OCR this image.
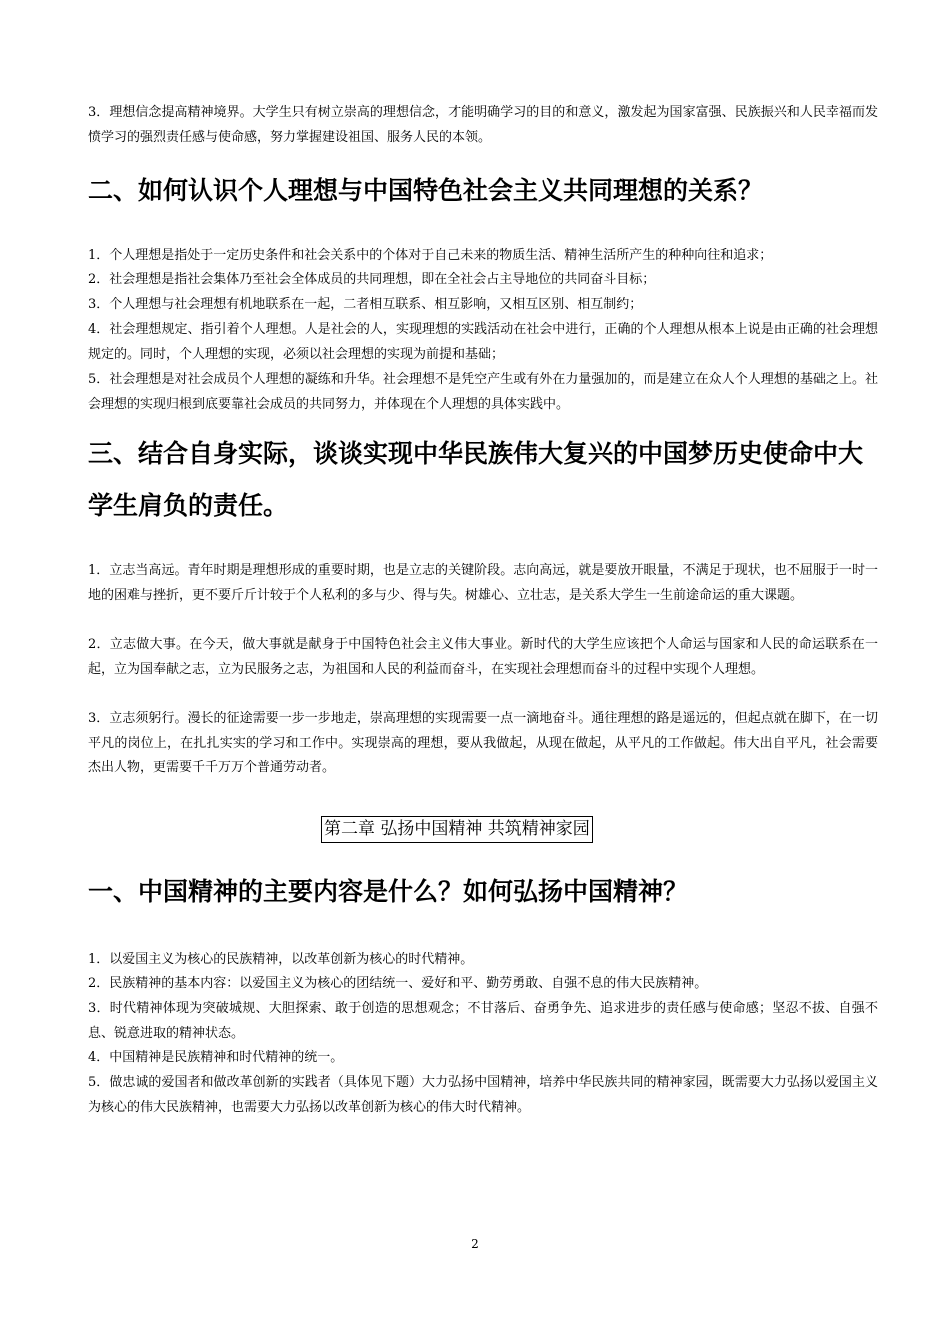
3．理想信念提高精神境界。大学生只有树立崇高的理想信念，才能明确学习的目的和意义，激发起为国家富强、民族振兴和人民幸福而发愤学习的强烈责任感与使命感，努力掌握建设祖国、服务人民的本领。

二、如何认识个人理想与中国特色社会主义共同理想的关系？

1．个人理想是指处于一定历史条件和社会关系中的个体对于自己未来的物质生活、精神生活所产生的种种向往和追求；

2．社会理想是指社会集体乃至社会全体成员的共同理想，即在全社会占主导地位的共同奋斗目标；

3．个人理想与社会理想有机地联系在一起，二者相互联系、相互影响，又相互区别、相互制约；

4．社会理想规定、指引着个人理想。人是社会的人，实现理想的实践活动在社会中进行，正确的个人理想从根本上说是由正确的社会理想规定的。同时，个人理想的实现，必须以社会理想的实现为前提和基础；

5．社会理想是对社会成员个人理想的凝练和升华。社会理想不是凭空产生或有外在力量强加的，而是建立在众人个人理想的基础之上。社会理想的实现归根到底要靠社会成员的共同努力，并体现在个人理想的具体实践中。

三、结合自身实际，谈谈实现中华民族伟大复兴的中国梦历史使命中大学生肩负的责任。

1．立志当高远。青年时期是理想形成的重要时期，也是立志的关键阶段。志向高远，就是要放开眼量，不满足于现状，也不屈服于一时一地的困难与挫折，更不要斤斤计较于个人私利的多与少、得与失。树雄心、立壮志，是关系大学生一生前途命运的重大课题。

2．立志做大事。在今天，做大事就是献身于中国特色社会主义伟大事业。新时代的大学生应该把个人命运与国家和人民的命运联系在一起，立为国奉献之志，立为民服务之志，为祖国和人民的利益而奋斗，在实现社会理想而奋斗的过程中实现个人理想。

3．立志须躬行。漫长的征途需要一步一步地走，崇高理想的实现需要一点一滴地奋斗。通往理想的路是遥远的，但起点就在脚下，在一切平凡的岗位上，在扎扎实实的学习和工作中。实现崇高的理想，要从我做起，从现在做起，从平凡的工作做起。伟大出自平凡，社会需要杰出人物，更需要千千万万个普通劳动者。

第二章 弘扬中国精神 共筑精神家园
一、中国精神的主要内容是什么？如何弘扬中国精神？

1．以爱国主义为核心的民族精神，以改革创新为核心的时代精神。

2．民族精神的基本内容：以爱国主义为核心的团结统一、爱好和平、勤劳勇敢、自强不息的伟大民族精神。

3．时代精神体现为突破城规、大胆探索、敢于创造的思想观念；不甘落后、奋勇争先、追求进步的责任感与使命感；坚忍不拔、自强不息、锐意进取的精神状态。

4．中国精神是民族精神和时代精神的统一。

5．做忠诚的爱国者和做改革创新的实践者（具体见下题）大力弘扬中国精神，培养中华民族共同的精神家园，既需要大力弘扬以爱国主义为核心的伟大民族精神，也需要大力弘扬以改革创新为核心的伟大时代精神。

2
